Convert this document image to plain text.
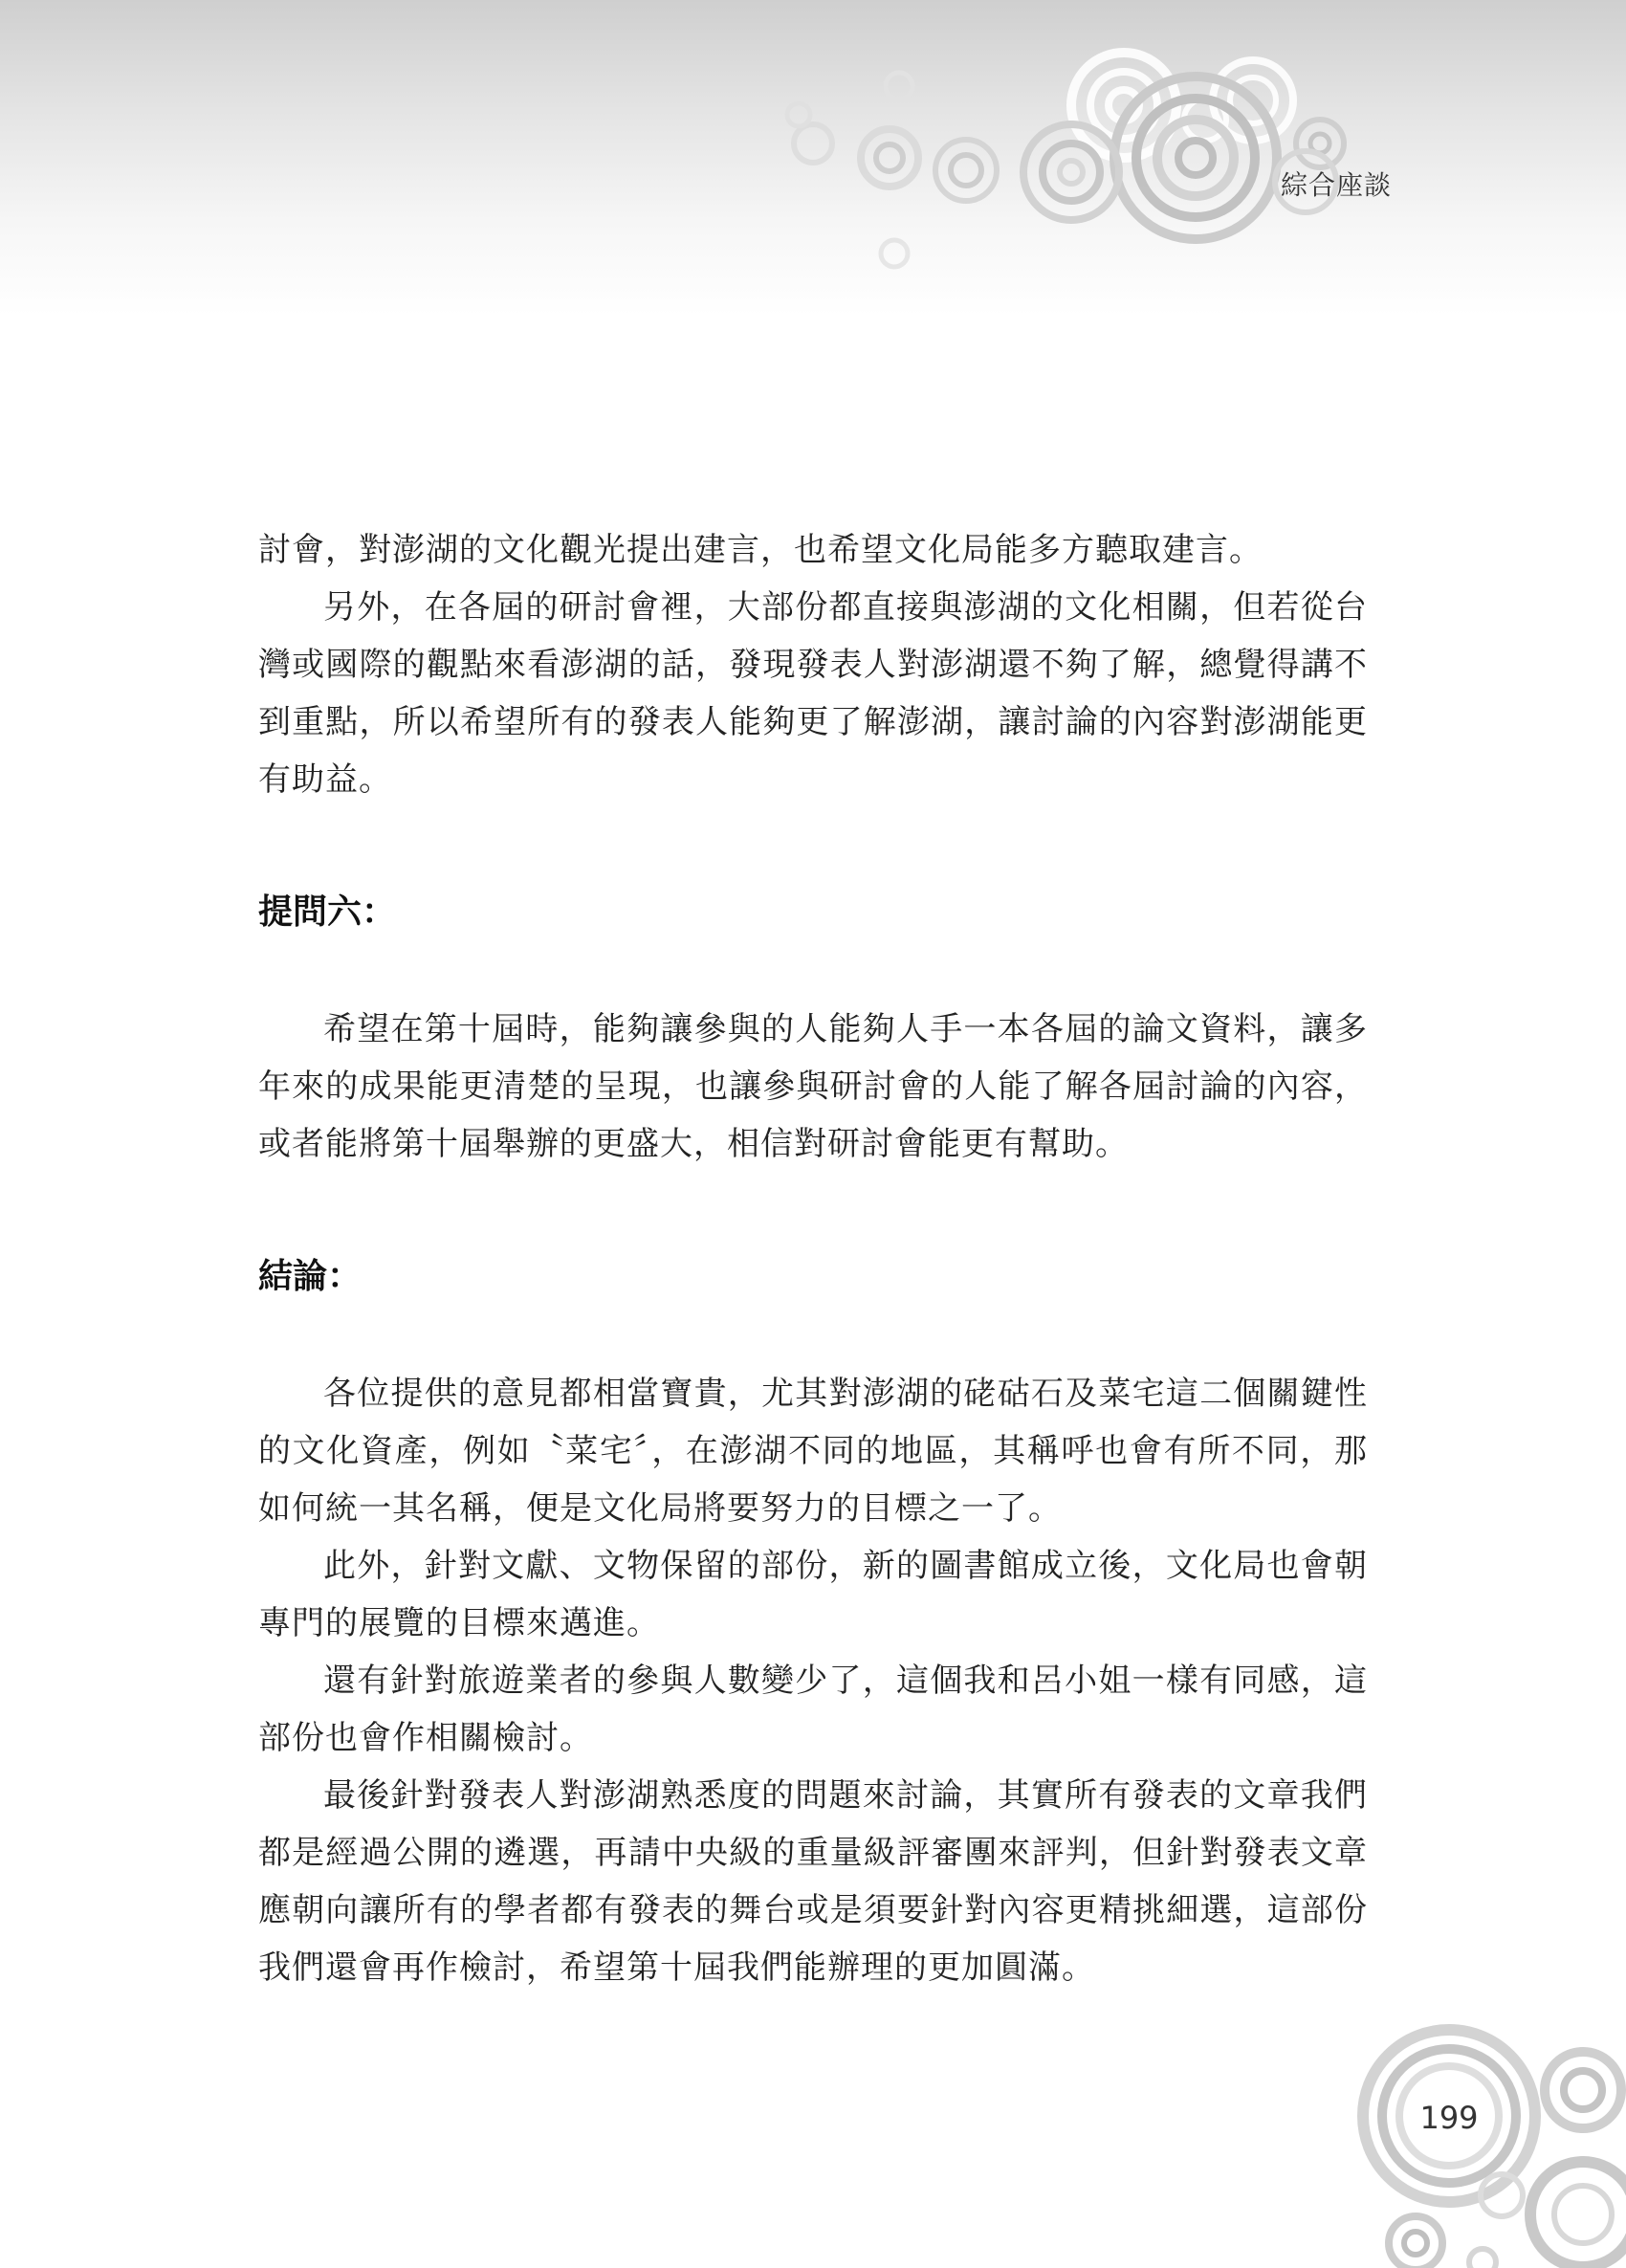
綜合座談

討會，對澎湖的文化觀光提出建言，也希望文化局能多方聽取建言。

另外，在各屆的研討會裡，大部份都直接與澎湖的文化相關，但若從台灣或國際的觀點來看澎湖的話，發現發表人對澎湖還不夠了解，總覺得講不到重點，所以希望所有的發表人能夠更了解澎湖，讓討論的內容對澎湖能更有助益。

提問六：

希望在第十屆時，能夠讓參與的人能夠人手一本各屆的論文資料，讓多年來的成果能更清楚的呈現，也讓參與研討會的人能了解各屆討論的內容，或者能將第十屆舉辦的更盛大，相信對研討會能更有幫助。

結論：

各位提供的意見都相當寶貴，尤其對澎湖的硓𥑮石及菜宅這二個關鍵性的文化資產，例如〝菜宅〞，在澎湖不同的地區，其稱呼也會有所不同，那如何統一其名稱，便是文化局將要努力的目標之一了。

此外，針對文獻、文物保留的部份，新的圖書館成立後，文化局也會朝專門的展覽的目標來邁進。

還有針對旅遊業者的參與人數變少了，這個我和呂小姐一樣有同感，這部份也會作相關檢討。

最後針對發表人對澎湖熟悉度的問題來討論，其實所有發表的文章我們都是經過公開的遴選，再請中央級的重量級評審團來評判，但針對發表文章應朝向讓所有的學者都有發表的舞台或是須要針對內容更精挑細選，這部份我們還會再作檢討，希望第十屆我們能辦理的更加圓滿。

199
